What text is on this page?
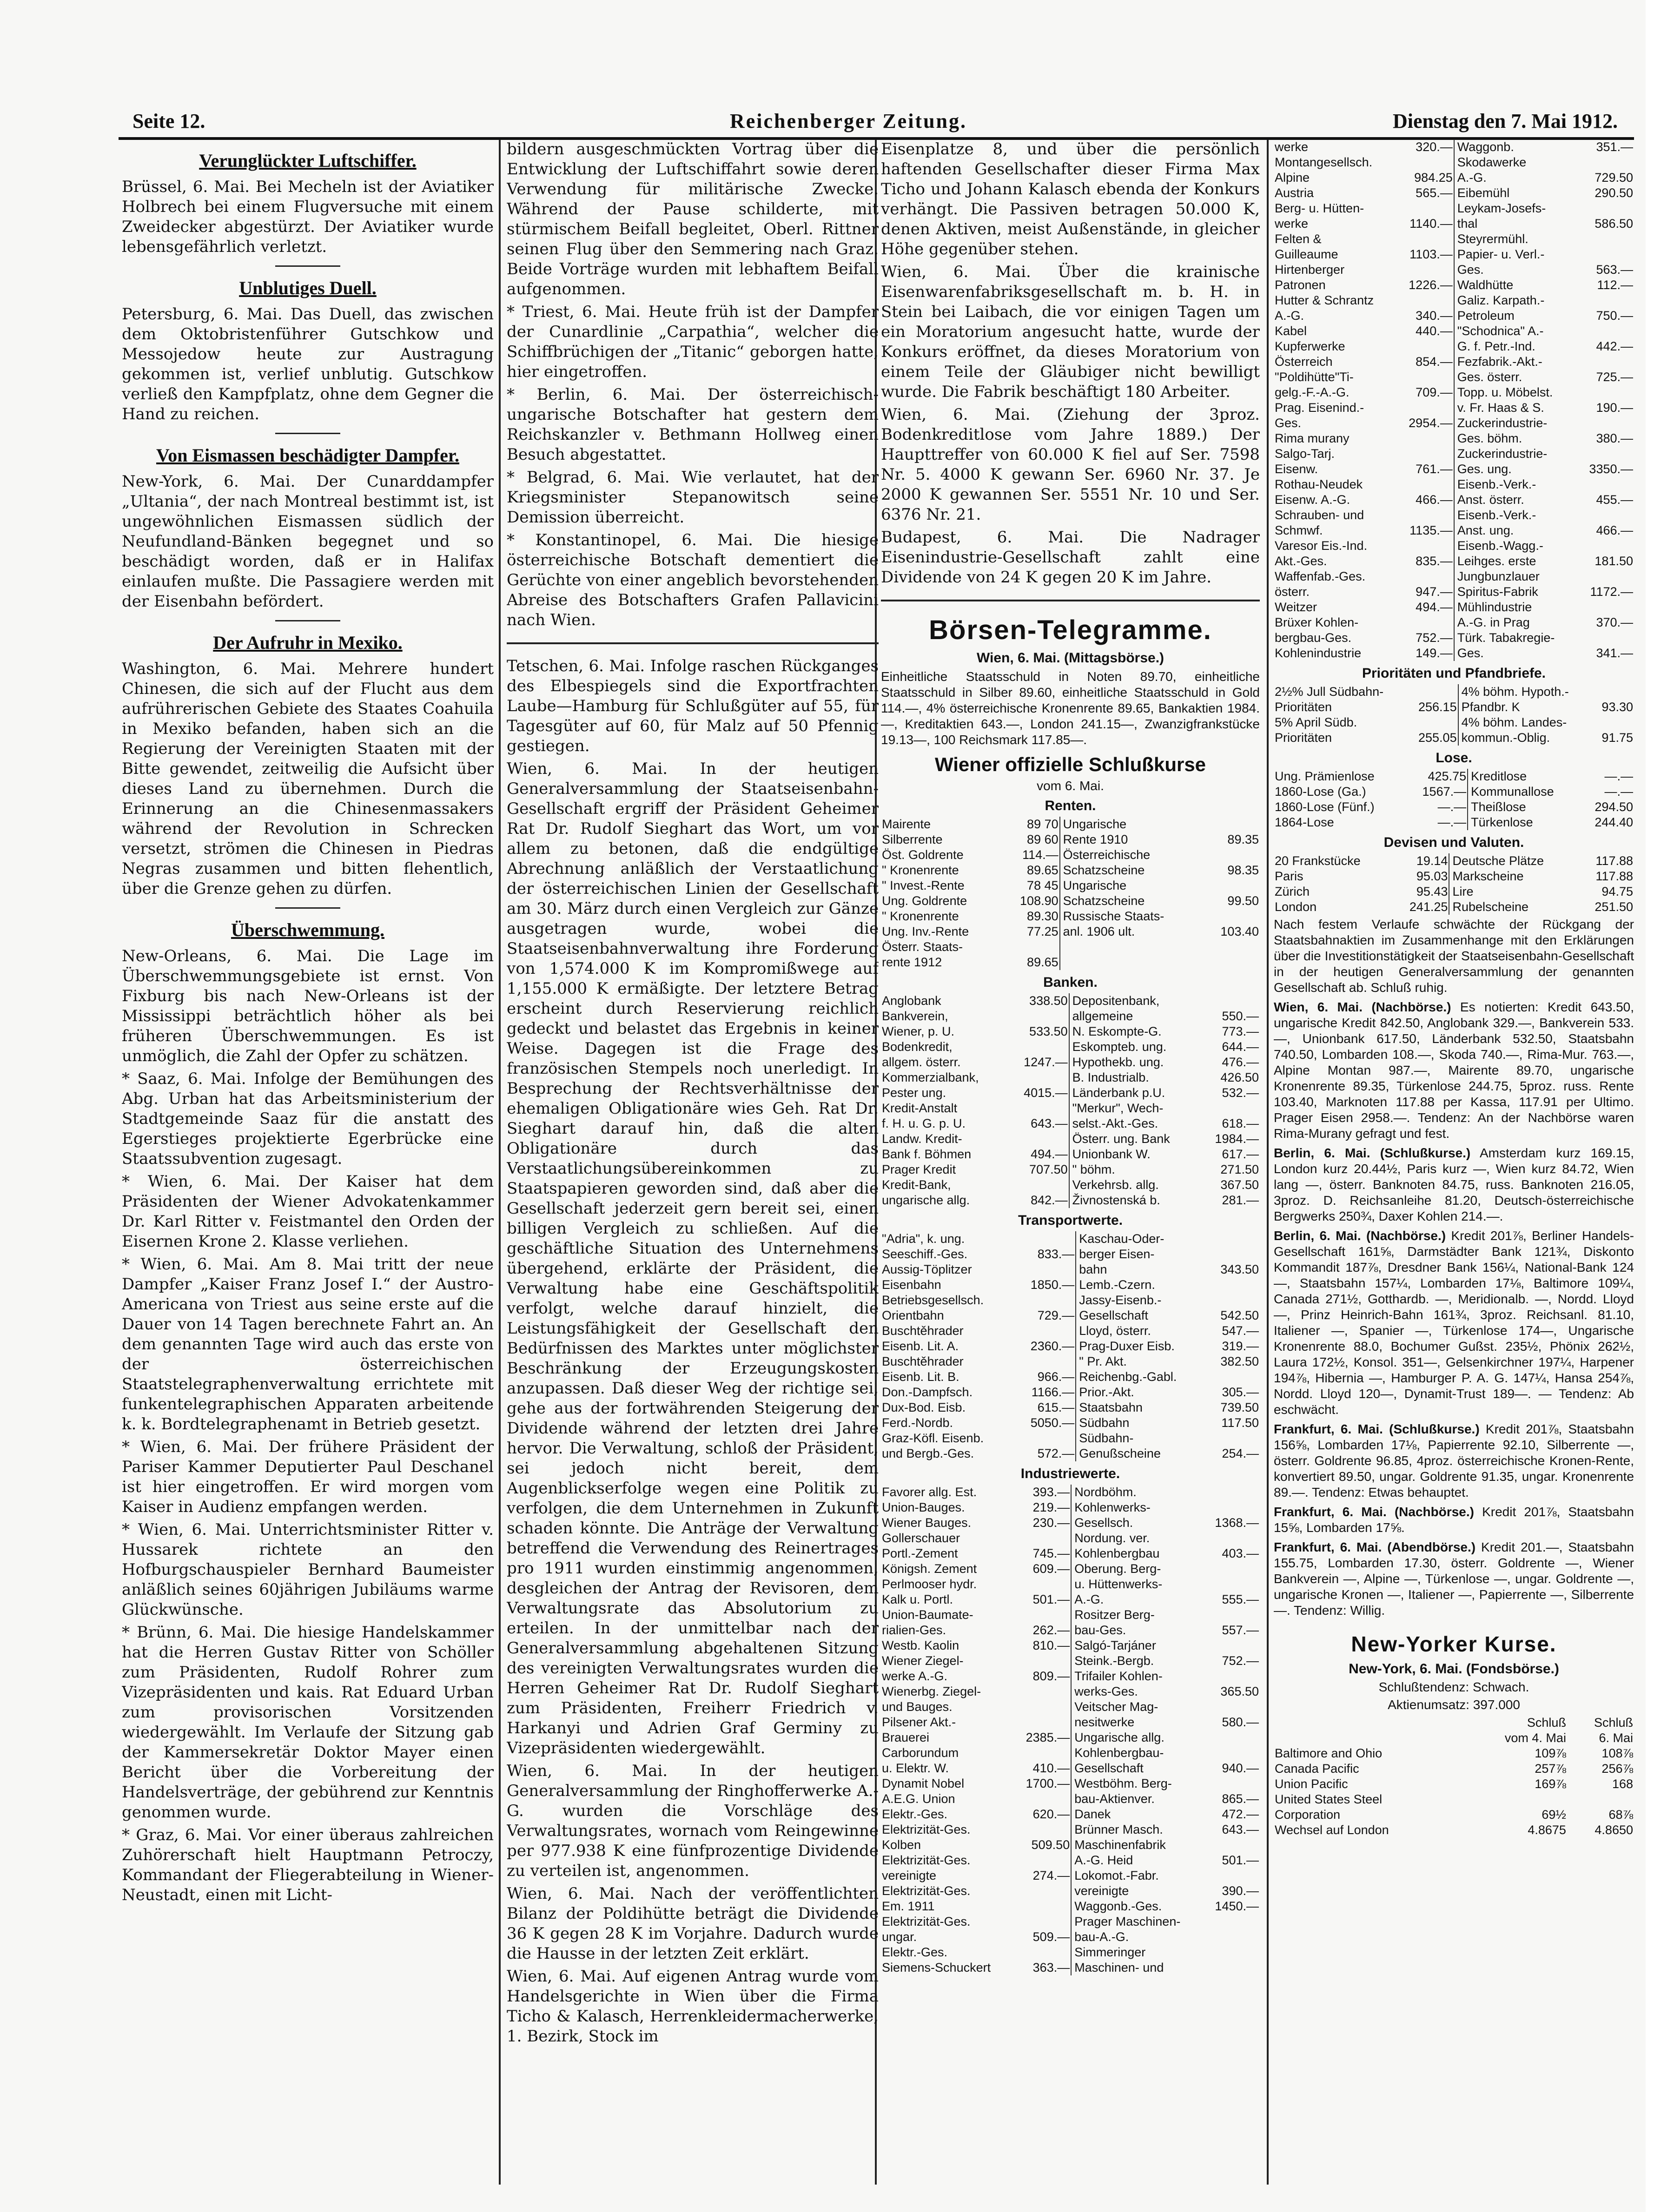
Seite 12.	Reichenberger Zeitung.	Dienstag den 7. Mai 1912.
Verunglückter Luftschiffer.

Brüssel, 6. Mai. Bei Mecheln ist der Aviatiker Holbrech bei einem Flugversuche mit einem Zweidecker abgestürzt. Der Aviatiker wurde lebensgefährlich verletzt.

Unblutiges Duell.

Petersburg, 6. Mai. Das Duell, das zwischen dem Oktobristenführer Gutschkow und Messojedow heute zur Austragung gekommen ist, verlief unblutig. Gutschkow verließ den Kampfplatz, ohne dem Gegner die Hand zu reichen.

Von Eismassen beschädigter Dampfer.

New-York, 6. Mai. Der Cunarddampfer „Ultania“, der nach Montreal bestimmt ist, ist ungewöhnlichen Eismassen südlich der Neufundland-Bänken begegnet und so beschädigt worden, daß er in Halifax einlaufen mußte. Die Passagiere werden mit der Eisenbahn befördert.

Der Aufruhr in Mexiko.

Washington, 6. Mai. Mehrere hundert Chinesen, die sich auf der Flucht aus dem aufrührerischen Gebiete des Staates Coahuila in Mexiko befanden, haben sich an die Regierung der Vereinigten Staaten mit der Bitte gewendet, zeitweilig die Aufsicht über dieses Land zu übernehmen. Durch die Erinnerung an die Chinesenmassakers während der Revolution in Schrecken versetzt, strömen die Chinesen in Piedras Negras zusammen und bitten flehentlich, über die Grenze gehen zu dürfen.

Überschwemmung.

New-Orleans, 6. Mai. Die Lage im Überschwemmungsgebiete ist ernst. Von Fixburg bis nach New-Orleans ist der Mississippi beträchtlich höher als bei früheren Überschwemmungen. Es ist unmöglich, die Zahl der Opfer zu schätzen.

* Saaz, 6. Mai. Infolge der Bemühungen des Abg. Urban hat das Arbeitsministerium der Stadtgemeinde Saaz für die anstatt des Egerstieges projektierte Egerbrücke eine Staatssubvention zugesagt.

* Wien, 6. Mai. Der Kaiser hat dem Präsidenten der Wiener Advokatenkammer Dr. Karl Ritter v. Feistmantel den Orden der Eisernen Krone 2. Klasse verliehen.

* Wien, 6. Mai. Am 8. Mai tritt der neue Dampfer „Kaiser Franz Josef I.“ der Austro-Americana von Triest aus seine erste auf die Dauer von 14 Tagen berechnete Fahrt an. An dem genannten Tage wird auch das erste von der österreichischen Staatstelegraphenverwaltung errichtete mit funkentelegraphischen Apparaten arbeitende k. k. Bordtelegraphenamt in Betrieb gesetzt.

* Wien, 6. Mai. Der frühere Präsident der Pariser Kammer Deputierter Paul Deschanel ist hier eingetroffen. Er wird morgen vom Kaiser in Audienz empfangen werden.

* Wien, 6. Mai. Unterrichtsminister Ritter v. Hussarek richtete an den Hofburgschauspieler Bernhard Baumeister anläßlich seines 60jährigen Jubiläums warme Glückwünsche.

* Brünn, 6. Mai. Die hiesige Handelskammer hat die Herren Gustav Ritter von Schöller zum Präsidenten, Rudolf Rohrer zum Vizepräsidenten und kais. Rat Eduard Urban zum provisorischen Vorsitzenden wiedergewählt. Im Verlaufe der Sitzung gab der Kammersekretär Doktor Mayer einen Bericht über die Vorbereitung der Handelsverträge, der gebührend zur Kenntnis genommen wurde.

* Graz, 6. Mai. Vor einer überaus zahlreichen Zuhörerschaft hielt Hauptmann Petroczy, Kommandant der Fliegerabteilung in Wiener-Neustadt, einen mit Licht-

bildern ausgeschmückten Vortrag über die Entwicklung der Luftschiffahrt sowie deren Verwendung für militärische Zwecke. Während der Pause schilderte, mit stürmischem Beifall begleitet, Oberl. Rittner seinen Flug über den Semmering nach Graz. Beide Vorträge wurden mit lebhaftem Beifall aufgenommen.

* Triest, 6. Mai. Heute früh ist der Dampfer der Cunardlinie „Carpathia“, welcher die Schiffbrüchigen der „Titanic“ geborgen hatte, hier eingetroffen.

* Berlin, 6. Mai. Der österreichisch-ungarische Botschafter hat gestern dem Reichskanzler v. Bethmann Hollweg einen Besuch abgestattet.

* Belgrad, 6. Mai. Wie verlautet, hat der Kriegsminister Stepanowitsch seine Demission überreicht.

* Konstantinopel, 6. Mai. Die hiesige österreichische Botschaft dementiert die Gerüchte von einer angeblich bevorstehenden Abreise des Botschafters Grafen Pallavicini nach Wien.

Tetschen, 6. Mai. Infolge raschen Rückganges des Elbespiegels sind die Exportfrachten Laube—Hamburg für Schlußgüter auf 55, für Tagesgüter auf 60, für Malz auf 50 Pfennig gestiegen.

Wien, 6. Mai. In der heutigen Generalversammlung der Staatseisenbahn-Gesellschaft ergriff der Präsident Geheimer Rat Dr. Rudolf Sieghart das Wort, um vor allem zu betonen, daß die endgültige Abrechnung anläßlich der Verstaatlichung der österreichischen Linien der Gesellschaft am 30. März durch einen Vergleich zur Gänze ausgetragen wurde, wobei die Staatseisenbahnverwaltung ihre Forderung von 1,574.000 K im Kompromißwege auf 1,155.000 K ermäßigte. Der letztere Betrag erscheint durch Reservierung reichlich gedeckt und belastet das Ergebnis in keiner Weise. Dagegen ist die Frage des französischen Stempels noch unerledigt. In Besprechung der Rechtsverhältnisse der ehemaligen Obligationäre wies Geh. Rat Dr. Sieghart darauf hin, daß die alten Obligationäre durch das Verstaatlichungsübereinkommen zu Staatspapieren geworden sind, daß aber die Gesellschaft jederzeit gern bereit sei, einen billigen Vergleich zu schließen. Auf die geschäftliche Situation des Unternehmens übergehend, erklärte der Präsident, die Verwaltung habe eine Geschäftspolitik verfolgt, welche darauf hinzielt, die Leistungsfähigkeit der Gesellschaft den Bedürfnissen des Marktes unter möglichster Beschränkung der Erzeugungskosten anzupassen. Daß dieser Weg der richtige sei, gehe aus der fortwährenden Steigerung der Dividende während der letzten drei Jahre hervor. Die Verwaltung, schloß der Präsident, sei jedoch nicht bereit, dem Augenblickserfolge wegen eine Politik zu verfolgen, die dem Unternehmen in Zukunft schaden könnte. Die Anträge der Verwaltung betreffend die Verwendung des Reinertrages pro 1911 wurden einstimmig angenommen, desgleichen der Antrag der Revisoren, dem Verwaltungsrate das Absolutorium zu erteilen. In der unmittelbar nach der Generalversammlung abgehaltenen Sitzung des vereinigten Verwaltungsrates wurden die Herren Geheimer Rat Dr. Rudolf Sieghart zum Präsidenten, Freiherr Friedrich v. Harkanyi und Adrien Graf Germiny zu Vizepräsidenten wiedergewählt.

Wien, 6. Mai. In der heutigen Generalversammlung der Ringhofferwerke A.-G. wurden die Vorschläge des Verwaltungsrates, wornach vom Reingewinne per 977.938 K eine fünfprozentige Dividende zu verteilen ist, angenommen.

Wien, 6. Mai. Nach der veröffentlichten Bilanz der Poldihütte beträgt die Dividende 36 K gegen 28 K im Vorjahre. Dadurch wurde die Hausse in der letzten Zeit erklärt.

Wien, 6. Mai. Auf eigenen Antrag wurde vom Handelsgerichte in Wien über die Firma Ticho & Kalasch, Herrenkleidermacherwerke, 1. Bezirk, Stock im

Eisenplatze 8, und über die persönlich haftenden Gesellschafter dieser Firma Max Ticho und Johann Kalasch ebenda der Konkurs verhängt. Die Passiven betragen 50.000 K, denen Aktiven, meist Außenstände, in gleicher Höhe gegenüber stehen.

Wien, 6. Mai. Über die krainische Eisenwarenfabriksgesellschaft m. b. H. in Stein bei Laibach, die vor einigen Tagen um ein Moratorium angesucht hatte, wurde der Konkurs eröffnet, da dieses Moratorium von einem Teile der Gläubiger nicht bewilligt wurde. Die Fabrik beschäftigt 180 Arbeiter.

Wien, 6. Mai. (Ziehung der 3proz. Bodenkreditlose vom Jahre 1889.) Der Haupttreffer von 60.000 K fiel auf Ser. 7598 Nr. 5. 4000 K gewann Ser. 6960 Nr. 37. Je 2000 K gewannen Ser. 5551 Nr. 10 und Ser. 6376 Nr. 21.

Budapest, 6. Mai. Die Nadrager Eisenindustrie-Gesellschaft zahlt eine Dividende von 24 K gegen 20 K im Jahre.

Börsen-Telegramme.
Wien, 6. Mai. (Mittagsbörse.)
Einheitliche Staatsschuld in Noten 89.70, einheitliche Staatsschuld in Silber 89.60, einheitliche Staatsschuld in Gold 114.—, 4% österreichische Kronenrente 89.65, Bankaktien 1984.—, Kreditaktien 643.—, London 241.15—, Zwanzigfrankstücke 19.13—, 100 Reichsmark 117.85—.
Wiener offizielle Schlußkurse
vom 6. Mai.
Renten.
Mairente	89 70		Ungarische	
Silberrente	89 60		Rente 1910	89.35
Öst. Goldrente	114.—		Österreichische	
" Kronenrente	89.65		Schatzscheine	98.35
" Invest.-Rente	78 45		Ungarische	
Ung. Goldrente	108.90		Schatzscheine	99.50
" Kronenrente	89.30		Russische Staats-	
Ung. Inv.-Rente	77.25		anl. 1906 ult.	103.40
Österr. Staats-				
rente 1912	89.65			
Banken.
Anglobank	338.50		Depositenbank,	
Bankverein,			allgemeine	550.—
Wiener, p. U.	533.50		N. Eskompte-G.	773.—
Bodenkredit,			Eskompteb. ung.	644.—
allgem. österr.	1247.—		Hypothekb. ung.	476.—
Kommerzialbank,			B. Industrialb.	426.50
Pester ung.	4015.—		Länderbank p.U.	532.—
Kredit-Anstalt			"Merkur", Wech-	
f. H. u. G. p. U.	643.—		selst.-Akt.-Ges.	618.—
Landw. Kredit-			Österr. ung. Bank	1984.—
Bank f. Böhmen	494.—		Unionbank W.	617.—
Prager Kredit	707.50		" böhm.	271.50
Kredit-Bank,			Verkehrsb. allg.	367.50
ungarische allg.	842.—		Živnostenská b.	281.—
Transportwerte.
"Adria", k. ung.			Kaschau-Oder-	
Seeschiff.-Ges.	833.—		berger Eisen-	
Aussig-Töplitzer			bahn	343.50
Eisenbahn	1850.—		Lemb.-Czern.	
Betriebsgesellsch.			Jassy-Eisenb.-	
Orientbahn	729.—		Gesellschaft	542.50
Buschtěhrader			Lloyd, österr.	547.—
Eisenb. Lit. A.	2360.—		Prag-Duxer Eisb.	319.—
Buschtěhrader			" Pr. Akt.	382.50
Eisenb. Lit. B.	966.—		Reichenbg.-Gabl.	
Don.-Dampfsch.	1166.—		Prior.-Akt.	305.—
Dux-Bod. Eisb.	615.—		Staatsbahn	739.50
Ferd.-Nordb.	5050.—		Südbahn	117.50
Graz-Köfl. Eisenb.			Südbahn-	
und Bergb.-Ges.	572.—		Genußscheine	254.—
Industriewerte.
Favorer allg. Est.	393.—		Nordböhm.	
Union-Bauges.	219.—		Kohlenwerks-	
Wiener Bauges.	230.—		Gesellsch.	1368.—
Gollerschauer			Nordung. ver.	
Portl.-Zement	745.—		Kohlenbergbau	403.—
Königsh. Zement	609.—		Oberung. Berg-	
Perlmooser hydr.			u. Hüttenwerks-	
Kalk u. Portl.	501.—		A.-G.	555.—
Union-Baumate-			Rositzer Berg-	
rialien-Ges.	262.—		bau-Ges.	557.—
Westb. Kaolin	810.—		Salgó-Tarjáner	
Wiener Ziegel-			Steink.-Bergb.	752.—
werke A.-G.	809.—		Trifailer Kohlen-	
Wienerbg. Ziegel-			werks-Ges.	365.50
und Bauges.			Veitscher Mag-	
Pilsener Akt.-			nesitwerke	580.—
Brauerei	2385.—		Ungarische allg.	
Carborundum			Kohlenbergbau-	
u. Elektr. W.	410.—		Gesellschaft	940.—
Dynamit Nobel	1700.—		Westböhm. Berg-	
A.E.G. Union			bau-Aktienver.	865.—
Elektr.-Ges.	620.—		Danek	472.—
Elektrizität-Ges.			Brünner Masch.	643.—
Kolben	509.50		Maschinenfabrik	
Elektrizität-Ges.			A.-G. Heid	501.—
vereinigte	274.—		Lokomot.-Fabr.	
Elektrizität-Ges.			vereinigte	390.—
Em. 1911			Waggonb.-Ges.	1450.—
Elektrizität-Ges.			Prager Maschinen-	
ungar.	509.—		bau-A.-G.	
Elektr.-Ges.			Simmeringer	
Siemens-Schuckert	363.—		Maschinen- und	
werke	320.—		Waggonb.	351.—
Montangesellsch.			Skodawerke	
Alpine	984.25		A.-G.	729.50
Austria	565.—		Eibemühl	290.50
Berg- u. Hütten-			Leykam-Josefs-	
werke	1140.—		thal	586.50
Felten &			Steyrermühl.	
Guilleaume	1103.—		Papier- u. Verl.-	
Hirtenberger			Ges.	563.—
Patronen	1226.—		Waldhütte	112.—
Hutter & Schrantz			Galiz. Karpath.-	
A.-G.	340.—		Petroleum	750.—
Kabel	440.—		"Schodnica" A.-	
Kupferwerke			G. f. Petr.-Ind.	442.—
Österreich	854.—		Fezfabrik.-Akt.-	
"Poldihütte"Ti-			Ges. österr.	725.—
gelg.-F.-A.-G.	709.—		Topp. u. Möbelst.	
Prag. Eisenind.-			v. Fr. Haas & S.	190.—
Ges.	2954.—		Zuckerindustrie-	
Rima murany			Ges. böhm.	380.—
Salgo-Tarj.			Zuckerindustrie-	
Eisenw.	761.—		Ges. ung.	3350.—
Rothau-Neudek			Eisenb.-Verk.-	
Eisenw. A.-G.	466.—		Anst. österr.	455.—
Schrauben- und			Eisenb.-Verk.-	
Schmwf.	1135.—		Anst. ung.	466.—
Varesor Eis.-Ind.			Eisenb.-Wagg.-	
Akt.-Ges.	835.—		Leihges. erste	181.50
Waffenfab.-Ges.			Jungbunzlauer	
österr.	947.—		Spiritus-Fabrik	1172.—
Weitzer	494.—		Mühlindustrie	
Brüxer Kohlen-			A.-G. in Prag	370.—
bergbau-Ges.	752.—		Türk. Tabakregie-	
Kohlenindustrie	149.—		Ges.	341.—
Prioritäten und Pfandbriefe.
2½% Jull Südbahn-			4% böhm. Hypoth.-	
Prioritäten	256.15		Pfandbr. K	93.30
5% April Südb.			4% böhm. Landes-	
Prioritäten	255.05		kommun.-Oblig.	91.75
Lose.
Ung. Prämienlose	425.75		Kreditlose	—.—
1860-Lose (Ga.)	1567.—		Kommunallose	—.—
1860-Lose (Fünf.)	—.—		Theißlose	294.50
1864-Lose	—.—		Türkenlose	244.40
Devisen und Valuten.
20 Frankstücke	19.14		Deutsche Plätze	117.88
Paris	95.03		Markscheine	117.88
Zürich	95.43		Lire	94.75
London	241.25		Rubelscheine	251.50
Nach festem Verlaufe schwächte der Rückgang der Staatsbahnaktien im Zusammenhange mit den Erklärungen über die Investitionstätigkeit der Staatseisenbahn-Gesellschaft in der heutigen Generalversammlung der genannten Gesellschaft ab. Schluß ruhig.
Wien, 6. Mai. (Nachbörse.) Es notierten: Kredit 643.50, ungarische Kredit 842.50, Anglobank 329.—, Bankverein 533.—, Unionbank 617.50, Länderbank 532.50, Staatsbahn 740.50, Lombarden 108.—, Skoda 740.—, Rima-Mur. 763.—, Alpine Montan 987.—, Mairente 89.70, ungarische Kronenrente 89.35, Türkenlose 244.75, 5proz. russ. Rente 103.40, Marknoten 117.88 per Kassa, 117.91 per Ultimo. Prager Eisen 2958.—. Tendenz: An der Nachbörse waren Rima-Murany gefragt und fest.
Berlin, 6. Mai. (Schlußkurse.) Amsterdam kurz 169.15, London kurz 20.44½, Paris kurz —, Wien kurz 84.72, Wien lang —, österr. Banknoten 84.75, russ. Banknoten 216.05, 3proz. D. Reichsanleihe 81.20, Deutsch-österreichische Bergwerks 250¾, Daxer Kohlen 214.—.
Berlin, 6. Mai. (Nachbörse.) Kredit 201⅞, Berliner Handels-Gesellschaft 161⅝, Darmstädter Bank 121¾, Diskonto Kommandit 187⅞, Dresdner Bank 156¼, National-Bank 124—, Staatsbahn 157¼, Lombarden 17⅛, Baltimore 109¼, Canada 271½, Gotthardb. —, Meridionalb. —, Nordd. Lloyd —, Prinz Heinrich-Bahn 161¾, 3proz. Reichsanl. 81.10, Italiener —, Spanier —, Türkenlose 174—, Ungarische Kronenrente 88.0, Bochumer Gußst. 235½, Phönix 262½, Laura 172½, Konsol. 351—, Gelsenkirchner 197¼, Harpener 194⅞, Hibernia —, Hamburger P. A. G. 147¼, Hansa 254⅞, Nordd. Lloyd 120—, Dynamit-Trust 189—. — Tendenz: Ab eschwächt.
Frankfurt, 6. Mai. (Schlußkurse.) Kredit 201⅞, Staatsbahn 156⅝, Lombarden 17⅛, Papierrente 92.10, Silberrente —, österr. Goldrente 96.85, 4proz. österreichische Kronen-Rente, konvertiert 89.50, ungar. Goldrente 91.35, ungar. Kronenrente 89.—. Tendenz: Etwas behauptet.
Frankfurt, 6. Mai. (Nachbörse.) Kredit 201⅞, Staatsbahn 15⅝, Lombarden 17⅝.
Frankfurt, 6. Mai. (Abendbörse.) Kredit 201.—, Staatsbahn 155.75, Lombarden 17.30, österr. Goldrente —, Wiener Bankverein —, Alpine —, Türkenlose —, ungar. Goldrente —, ungarische Kronen —, Italiener —, Papierrente —, Silberrente —. Tendenz: Willig.
New-Yorker Kurse.
New-York, 6. Mai. (Fondsbörse.)
Schlußtendenz: Schwach.
Aktienumsatz: 397.000
	Schluß	Schluß
	vom 4. Mai	6. Mai
Baltimore and Ohio	109⅞	108⅞
Canada Pacific	257⅞	256⅞
Union Pacific	169⅞	168
United States Steel		
Corporation	69½	68⅞
Wechsel auf London	4.8675	4.8650
